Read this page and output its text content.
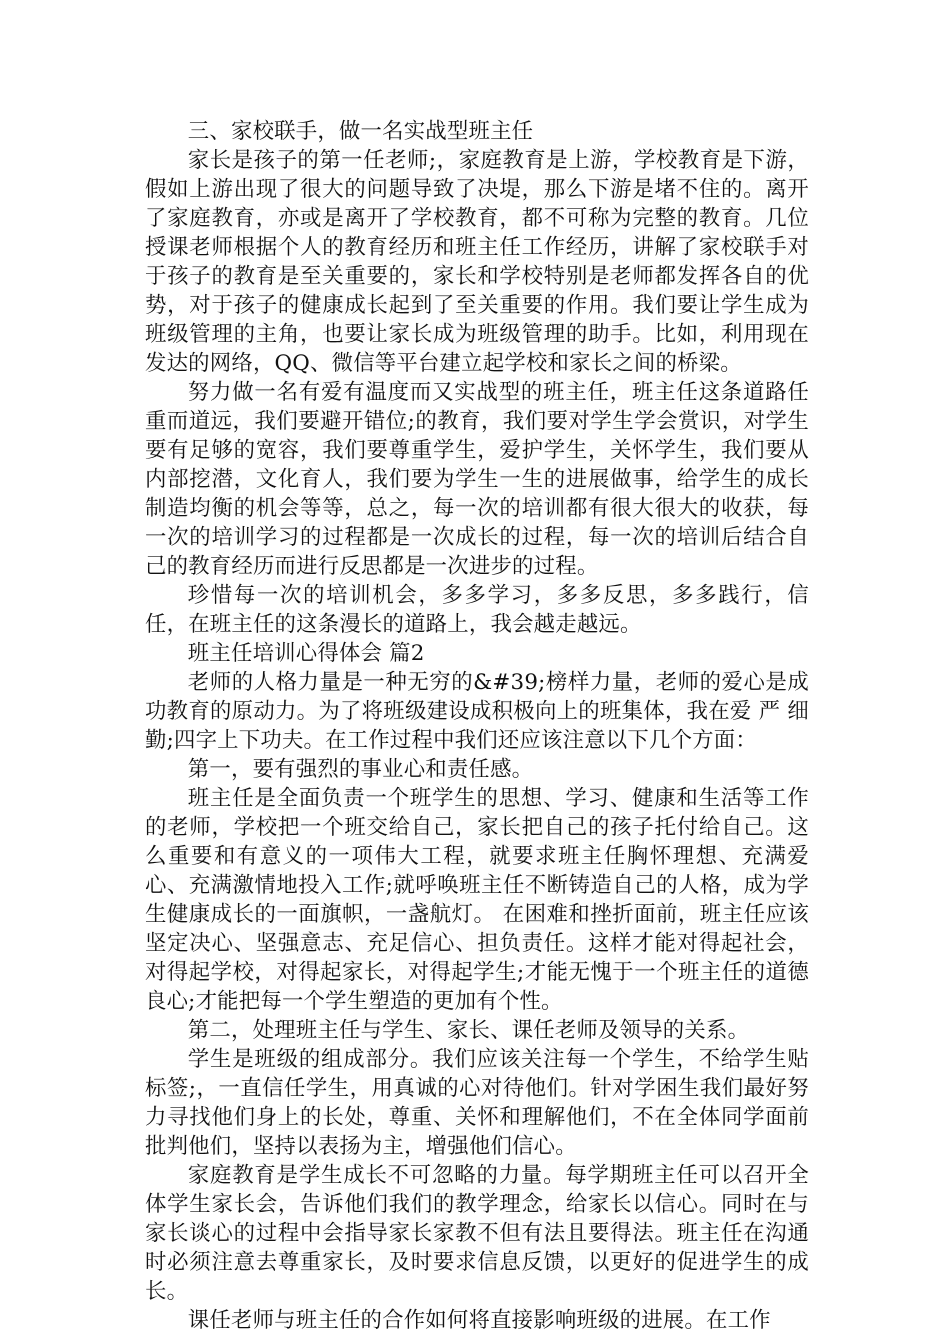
三、家校联手，做一名实战型班主任

家长是孩子的第一任老师;，家庭教育是上游，学校教育是下游，假如上游出现了很大的问题导致了决堤，那么下游是堵不住的。离开了家庭教育，亦或是离开了学校教育，都不可称为完整的教育。几位授课老师根据个人的教育经历和班主任工作经历，讲解了家校联手对于孩子的教育是至关重要的，家长和学校特别是老师都发挥各自的优势，对于孩子的健康成长起到了至关重要的作用。我们要让学生成为班级管理的主角，也要让家长成为班级管理的助手。比如，利用现在发达的网络，QQ、微信等平台建立起学校和家长之间的桥梁。

努力做一名有爱有温度而又实战型的班主任，班主任这条道路任重而道远，我们要避开错位;的教育，我们要对学生学会赏识，对学生要有足够的宽容，我们要尊重学生，爱护学生，关怀学生，我们要从内部挖潜，文化育人，我们要为学生一生的进展做事，给学生的成长制造均衡的机会等等，总之，每一次的培训都有很大很大的收获，每一次的培训学习的过程都是一次成长的过程，每一次的培训后结合自己的教育经历而进行反思都是一次进步的过程。

珍惜每一次的培训机会，多多学习，多多反思，多多践行，信任，在班主任的这条漫长的道路上，我会越走越远。

班主任培训心得体会 篇2

老师的人格力量是一种无穷的&#39;榜样力量，老师的爱心是成功教育的原动力。为了将班级建设成积极向上的班集体，我在爱 严 细 勤;四字上下功夫。在工作过程中我们还应该注意以下几个方面：

第一，要有强烈的事业心和责任感。

班主任是全面负责一个班学生的思想、学习、健康和生活等工作的老师，学校把一个班交给自己，家长把自己的孩子托付给自己。这么重要和有意义的一项伟大工程，就要求班主任胸怀理想、充满爱心、充满激情地投入工作;就呼唤班主任不断铸造自己的人格，成为学生健康成长的一面旗帜，一盏航灯。 在困难和挫折面前，班主任应该坚定决心、坚强意志、充足信心、担负责任。这样才能对得起社会，对得起学校，对得起家长，对得起学生;才能无愧于一个班主任的道德良心;才能把每一个学生塑造的更加有个性。

第二，处理班主任与学生、家长、课任老师及领导的关系。

学生是班级的组成部分。我们应该关注每一个学生，不给学生贴标签;，一直信任学生，用真诚的心对待他们。针对学困生我们最好努力寻找他们身上的长处，尊重、关怀和理解他们，不在全体同学面前批判他们，坚持以表扬为主，增强他们信心。

家庭教育是学生成长不可忽略的力量。每学期班主任可以召开全体学生家长会，告诉他们我们的教学理念，给家长以信心。同时在与家长谈心的过程中会指导家长家教不但有法且要得法。班主任在沟通时必须注意去尊重家长，及时要求信息反馈，以更好的促进学生的成长。

课任老师与班主任的合作如何将直接影响班级的进展。在工作
